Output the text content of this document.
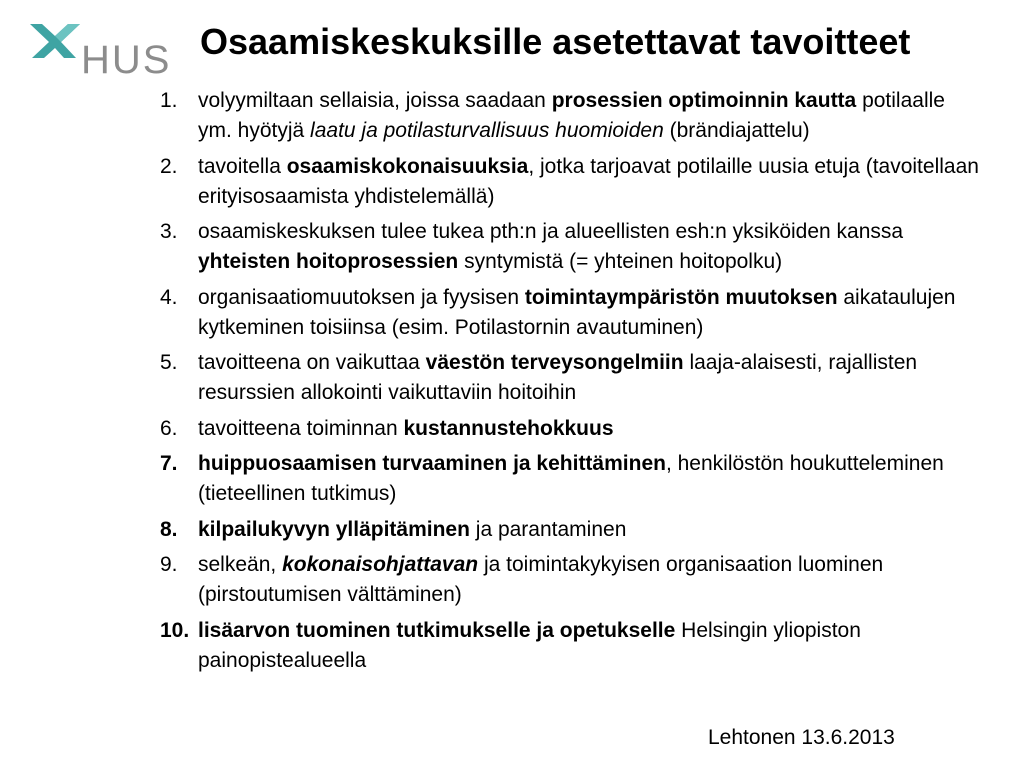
HUS Osaamiskeskuksille asetettavat tavoitteet
1. volyymiltaan sellaisia, joissa saadaan prosessien optimoinnin kautta potilaalle ym. hyötyjä laatu ja potilasturvallisuus huomioiden (brändiajattelu)
2. tavoitella osaamiskokonaisuuksia, jotka tarjoavat potilaille uusia etuja (tavoitellaan erityisosaamista yhdistelemällä)
3. osaamiskeskuksen tulee tukea pth:n ja alueellisten esh:n yksiköiden kanssa yhteisten hoitoprosessien syntymistä (= yhteinen hoitopolku)
4. organisaatiomuutoksen ja fyysisen toimintaympäristön muutoksen aikataulujen kytkeminen toisiinsa (esim. Potilastornin avautuminen)
5. tavoitteena on vaikuttaa väestön terveysongelmiin laaja-alaisesti, rajallisten resurssien allokointi vaikuttaviin hoitoihin
6. tavoitteena toiminnan kustannustehokkuus
7. huippuosaamisen turvaaminen ja kehittäminen, henkilöstön houkutteleminen (tieteellinen tutkimus)
8. kilpailukyvyn ylläpitäminen ja parantaminen
9. selkeän, kokonaisohjattavan ja toimintakykyisen organisaation luominen (pirstoutumisen välttäminen)
10. lisäarvon tuominen tutkimukselle ja opetukselle Helsingin yliopiston painopistealueella
Lehtonen 13.6.2013
